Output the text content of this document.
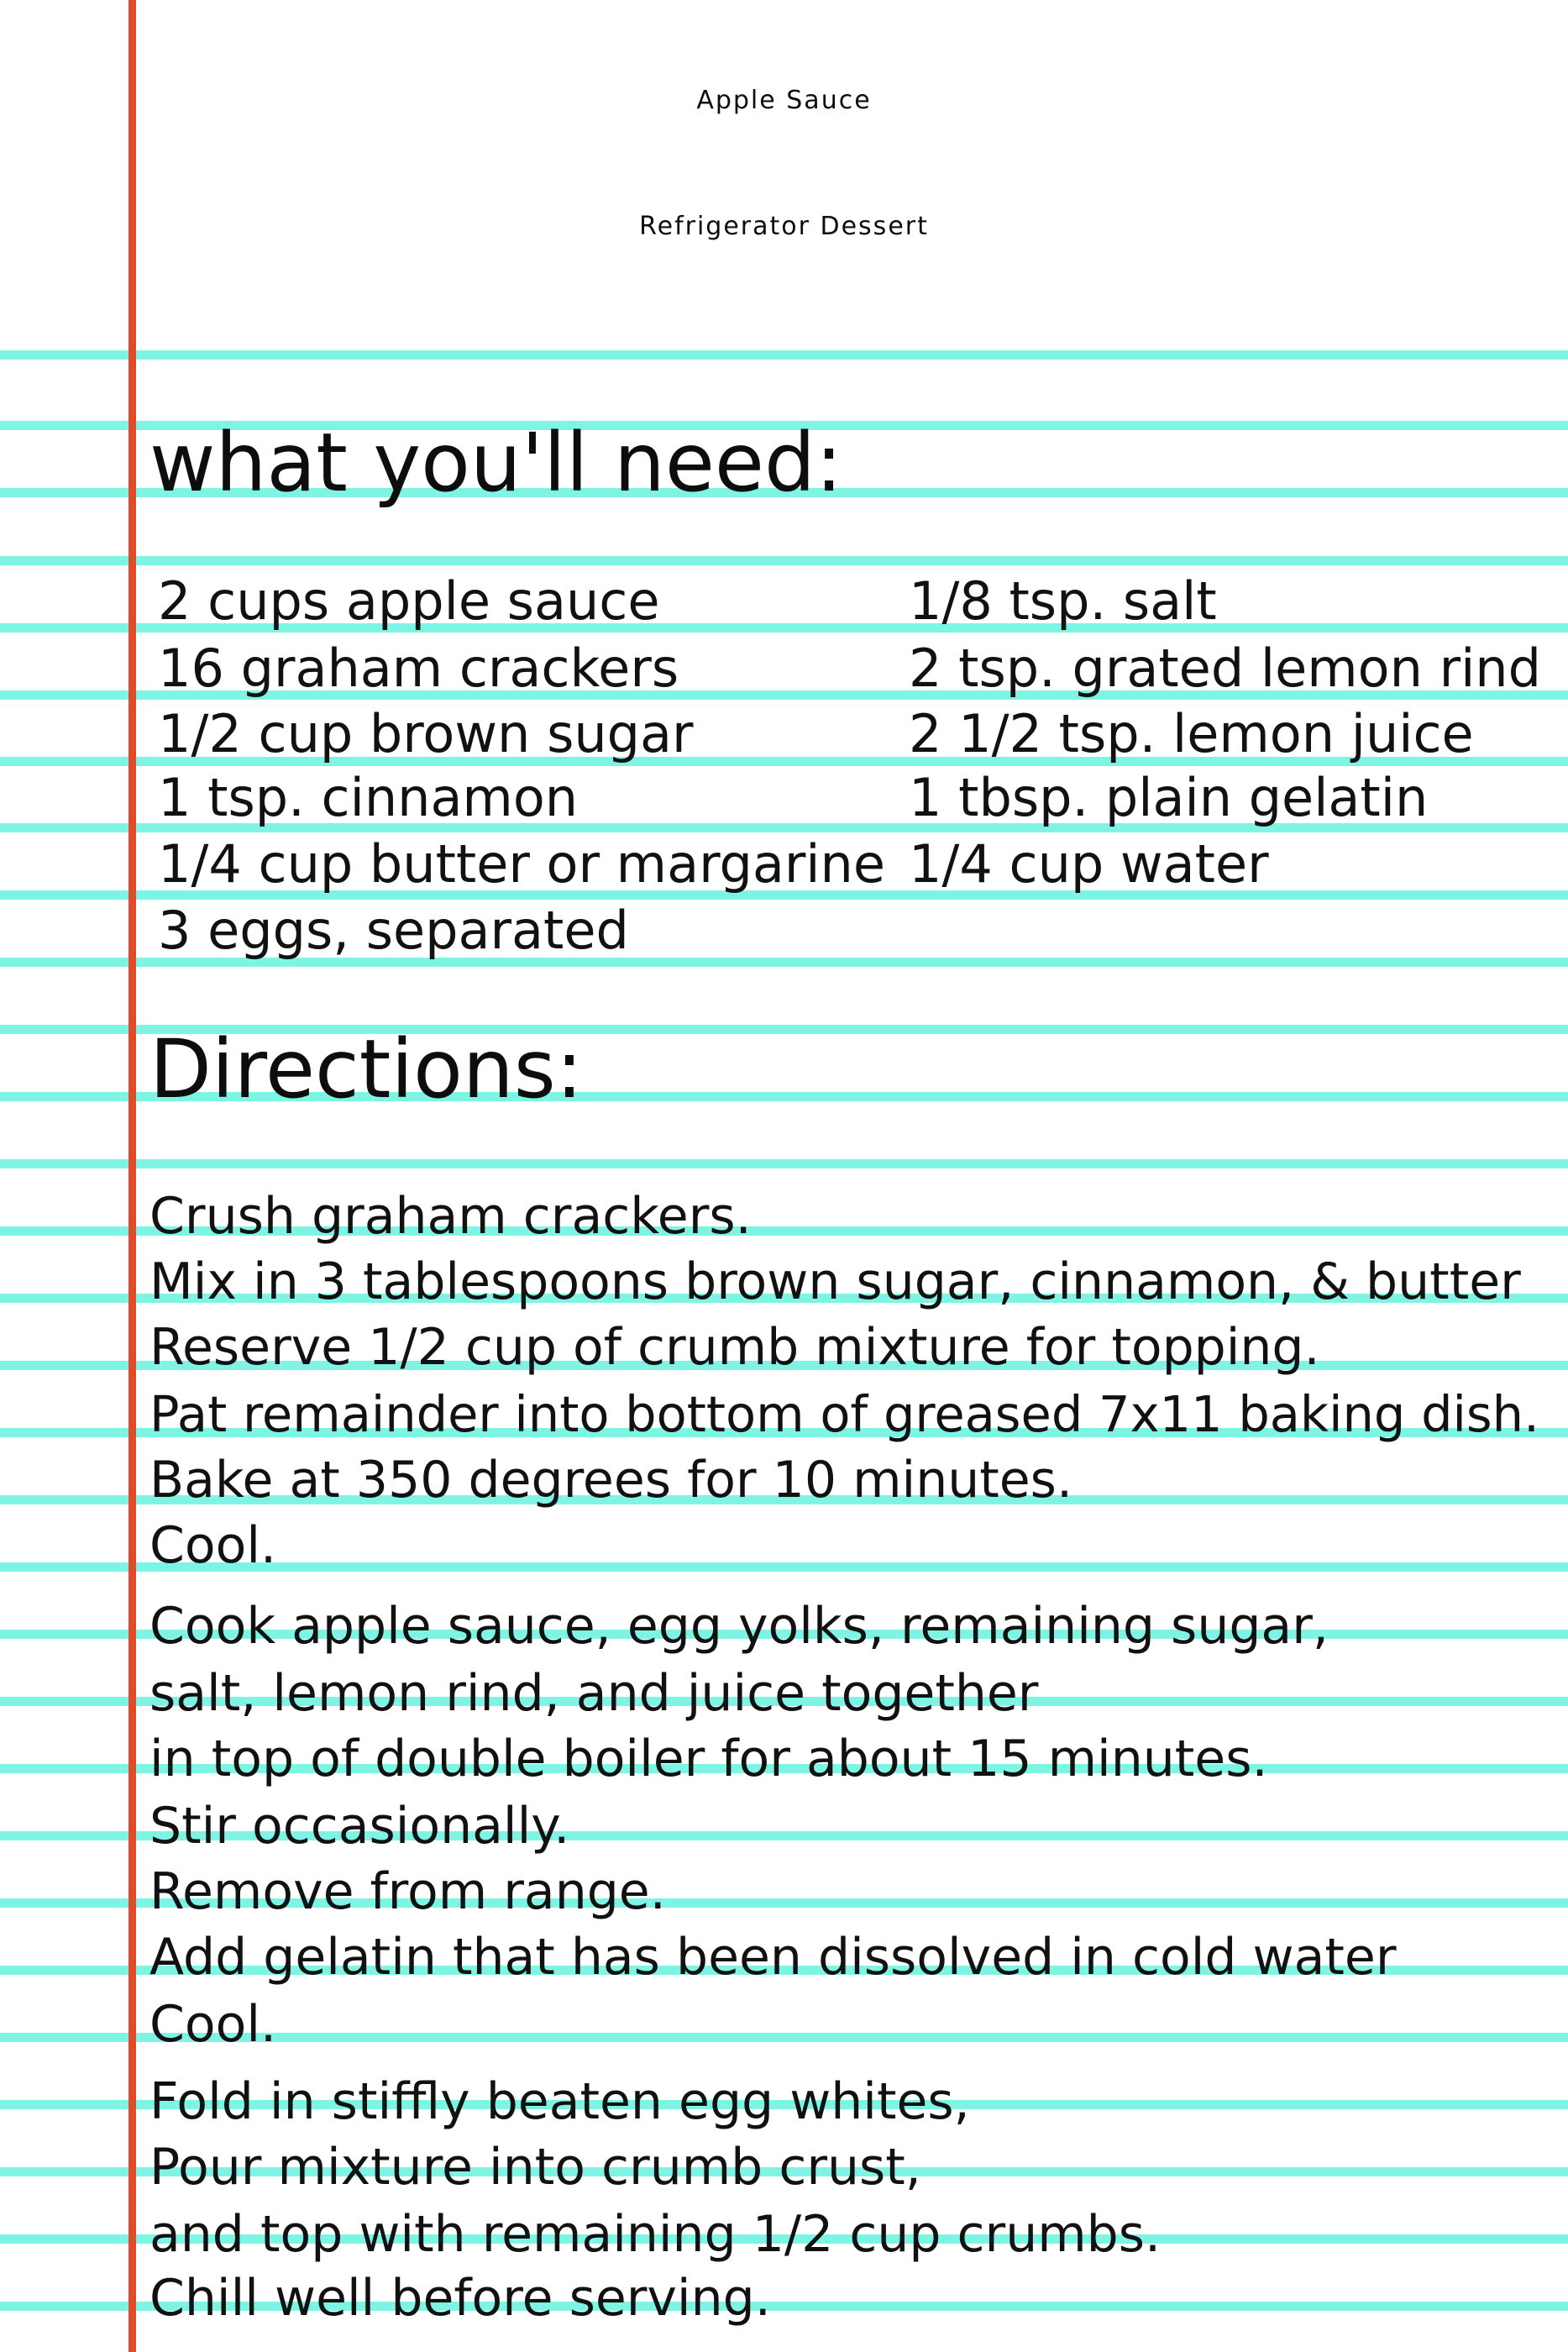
Apple Sauce
Refrigerator Dessert
what you'll need:
2 cups apple sauce
16 graham crackers
1/2 cup brown sugar
1 tsp. cinnamon
1/4 cup butter or margarine
3 eggs, separated
1/8 tsp. salt
2 tsp. grated lemon rind
2 1/2 tsp. lemon juice
1 tbsp. plain gelatin
1/4 cup water
Directions:
Crush graham crackers.
Mix in 3 tablespoons brown sugar, cinnamon, & butter
Reserve 1/2 cup of crumb mixture for topping.
Pat remainder into bottom of greased 7x11 baking dish.
Bake at 350 degrees for 10 minutes.
Cool.
Cook apple sauce, egg yolks, remaining sugar,
salt, lemon rind, and juice together
in top of double boiler for about 15 minutes.
Stir occasionally.
Remove from range.
Add gelatin that has been dissolved in cold water
Cool.
Fold in stiffly beaten egg whites,
Pour mixture into crumb crust,
and top with remaining 1/2 cup crumbs.
Chill well before serving.
